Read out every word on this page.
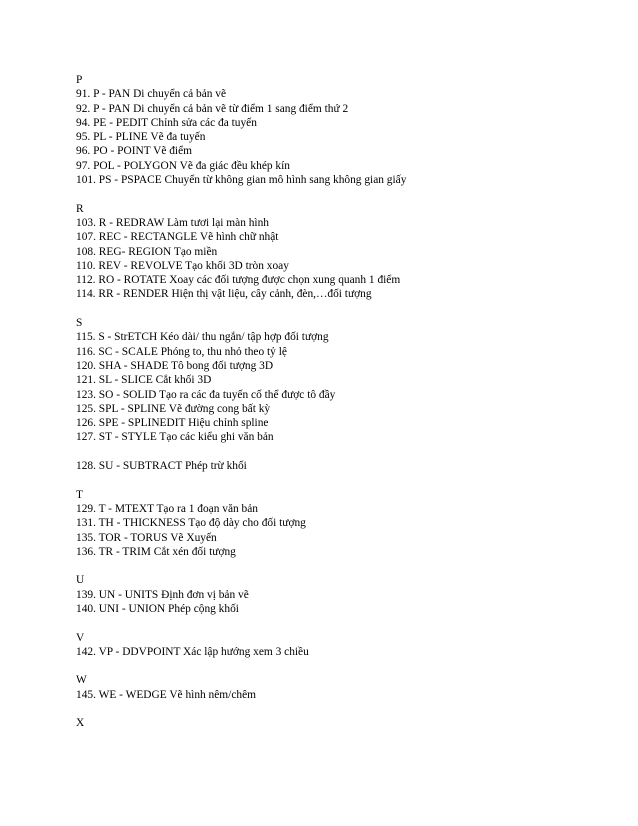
P

91. P - PAN Di chuyển cả bản vẽ

92. P - PAN Di chuyển cả bản vẽ từ điểm 1 sang điểm thứ 2

94. PE - PEDIT Chỉnh sửa các đa tuyến

95. PL - PLINE Vẽ đa tuyến

96. PO - POINT Vẽ điểm

97. POL - POLYGON Vẽ đa giác đều khép kín

101. PS - PSPACE Chuyển từ không gian mô hình sang không gian giấy

R

103. R - REDRAW Làm tươi lại màn hình

107. REC - RECTANGLE Vẽ hình chữ nhật

108. REG- REGION Tạo miền

110. REV - REVOLVE Tạo khối 3D tròn xoay

112. RO - ROTATE Xoay các đối tượng được chọn xung quanh 1 điểm

114. RR - RENDER Hiện thị vật liệu, cây cảnh, đèn,…đối tượng

S

115. S - StrETCH Kéo dài/ thu ngắn/ tập hợp đối tượng

116. SC - SCALE Phóng to, thu nhỏ theo tỷ lệ

120. SHA - SHADE Tô bong đối tượng 3D

121. SL - SLICE Cắt khối 3D

123. SO - SOLID Tạo ra các đa tuyến cố thể được tô đầy

125. SPL - SPLINE Vẽ đường cong bất kỳ

126. SPE - SPLINEDIT Hiệu chỉnh spline

127. ST - STYLE Tạo các kiểu ghi văn bản

128. SU - SUBTRACT Phép trừ khối

T

129. T - MTEXT Tạo ra 1 đoạn văn bản

131. TH - THICKNESS Tạo độ dày cho đối tượng

135. TOR - TORUS Vẽ Xuyến

136. TR - TRIM Cắt xén đối tượng

U

139. UN - UNITS Định đơn vị bản vẽ

140. UNI - UNION Phép cộng khối

V

142. VP - DDVPOINT Xác lập hướng xem 3 chiều

W

145. WE - WEDGE Vẽ hình nêm/chêm

X
